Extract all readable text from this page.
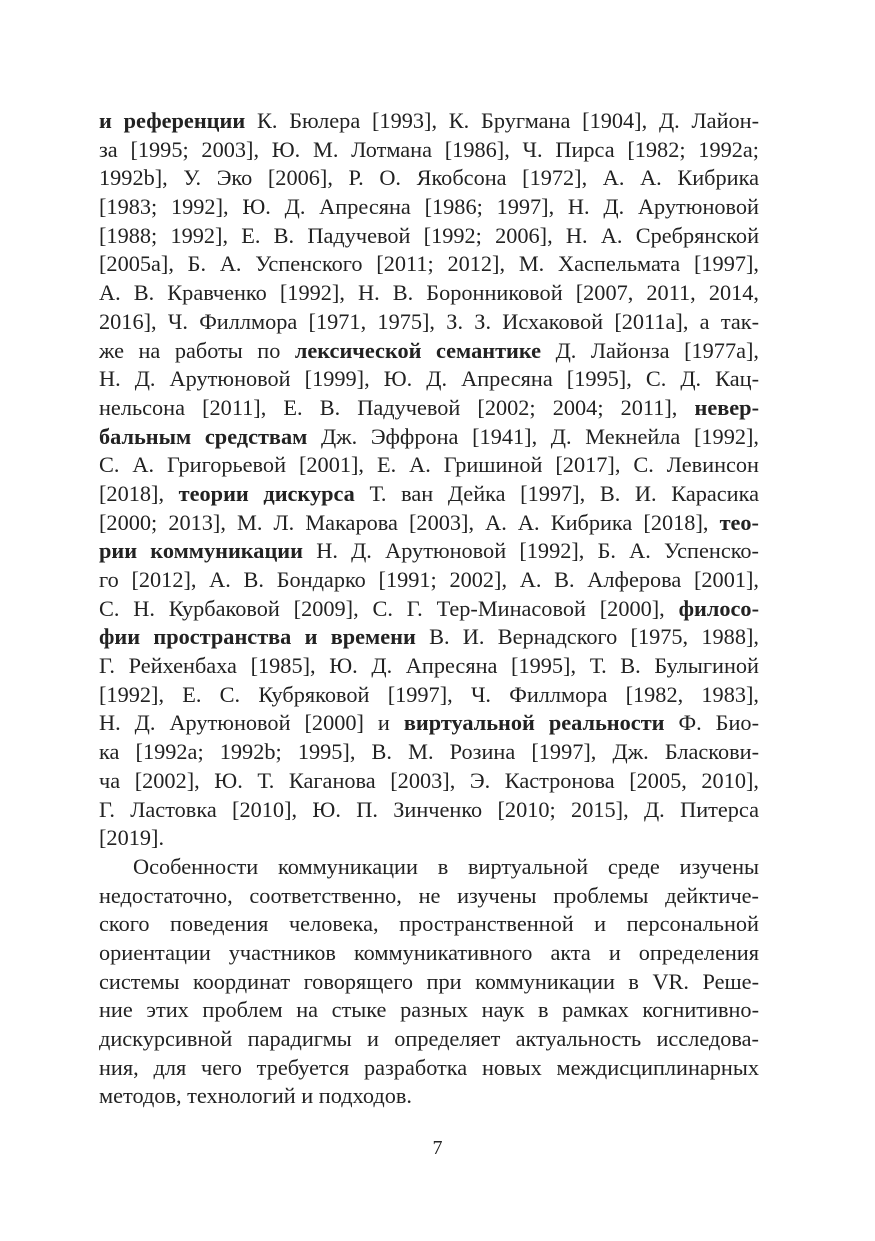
и референции К. Бюлера [1993], К. Бругмана [1904], Д. Лайон-
за [1995; 2003], Ю. М. Лотмана [1986], Ч. Пирса [1982; 1992a;
1992b], У. Эко [2006], Р. О. Якобсона [1972], А. А. Кибрика
[1983; 1992], Ю. Д. Апресяна [1986; 1997], Н. Д. Арутюновой
[1988; 1992], Е. В. Падучевой [1992; 2006], Н. А. Сребрянской
[2005а], Б. А. Успенского [2011; 2012], М. Хаспельмата [1997],
А. В. Кравченко [1992], Н. В. Боронниковой [2007, 2011, 2014,
2016], Ч. Филлмора [1971, 1975], З. З. Исхаковой [2011а], а так-
же на работы по лексической семантике Д. Лайонза [1977a],
Н. Д. Арутюновой [1999], Ю. Д. Апресяна [1995], С. Д. Кац-
нельсона [2011], Е. В. Падучевой [2002; 2004; 2011], невер-
бальным средствам Дж. Эффрона [1941], Д. Мекнейла [1992],
С. А. Григорьевой [2001], Е. А. Гришиной [2017], С. Левинсон
[2018], теории дискурса Т. ван Дейка [1997], В. И. Карасика
[2000; 2013], М. Л. Макарова [2003], А. А. Кибрика [2018], тео-
рии коммуникации Н. Д. Арутюновой [1992], Б. А. Успенско-
го [2012], А. В. Бондарко [1991; 2002], А. В. Алферова [2001],
С. Н. Курбаковой [2009], С. Г. Тер-Минасовой [2000], филосо-
фии пространства и времени В. И. Вернадского [1975, 1988],
Г. Рейхенбаха [1985], Ю. Д. Апресяна [1995], Т. В. Булыгиной
[1992], Е. С. Кубряковой [1997], Ч. Филлмора [1982, 1983],
Н. Д. Арутюновой [2000] и виртуальной реальности Ф. Био-
ка [1992a; 1992b; 1995], В. М. Розина [1997], Дж. Бласкови-
ча [2002], Ю. Т. Каганова [2003], Э. Кастронова [2005, 2010],
Г. Ластовка [2010], Ю. П. Зинченко [2010; 2015], Д. Питерса
[2019].
Особенности коммуникации в виртуальной среде изучены
недостаточно, соответственно, не изучены проблемы дейктиче-
ского поведения человека, пространственной и персональной
ориентации участников коммуникативного акта и определения
системы координат говорящего при коммуникации в VR. Реше-
ние этих проблем на стыке разных наук в рамках когнитивно-
дискурсивной парадигмы и определяет актуальность исследова-
ния, для чего требуется разработка новых междисциплинарных
методов, технологий и подходов.
7
